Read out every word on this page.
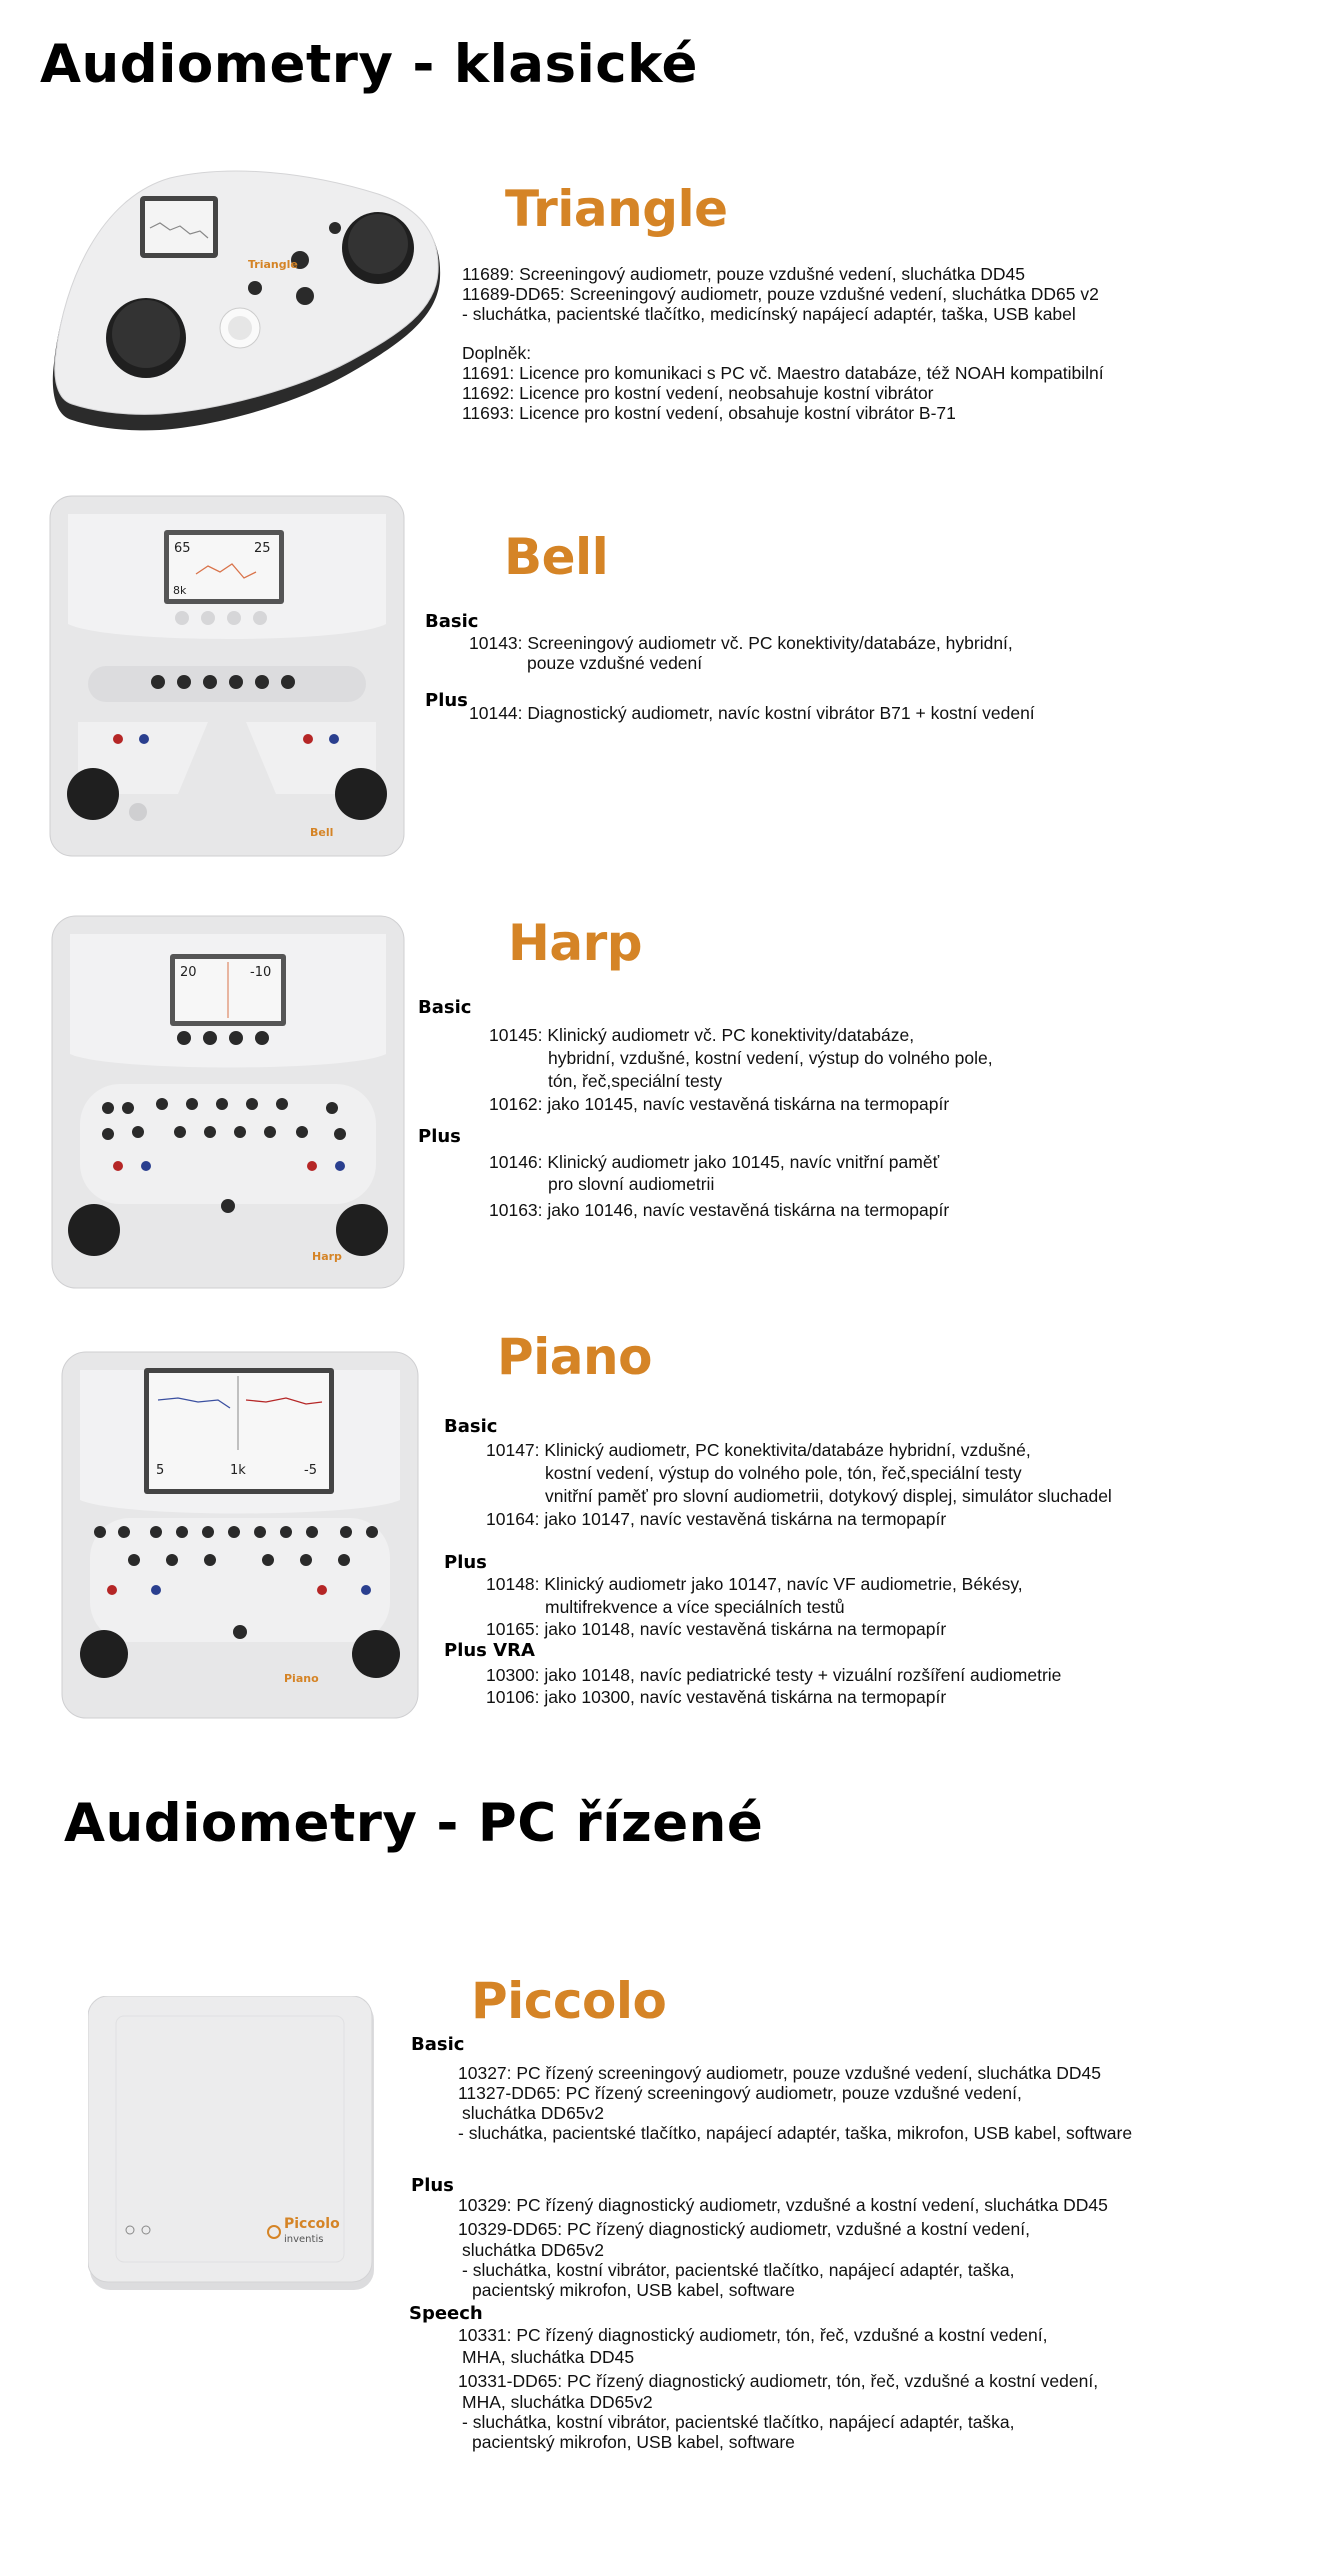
Audiometry - klasické
Triangle
Triangle
11689: Screeningový audiometr, pouze vzdušné vedení, sluchátka DD45
11689-DD65: Screeningový audiometr, pouze vzdušné vedení, sluchátka DD65 v2
- sluchátka, pacientské tlačítko, medicínský napájecí adaptér, taška, USB kabel
Doplněk:
11691: Licence pro komunikaci s PC vč. Maestro databáze, též NOAH kompatibilní
11692: Licence pro kostní vedení, neobsahuje kostní vibrátor
11693: Licence pro kostní vedení, obsahuje kostní vibrátor B-71
65	25
8k
Bell
Bell
Basic
10143: Screeningový audiometr vč. PC konektivity/databáze, hybridní,
pouze vzdušné vedení
Plus
10144: Diagnostický audiometr, navíc kostní vibrátor B71 + kostní vedení
20	-10
Harp
Harp
Basic
10145: Klinický audiometr vč. PC konektivity/databáze,
hybridní, vzdušné, kostní vedení, výstup do volného pole,
tón, řeč,speciální testy
10162: jako 10145, navíc vestavěná tiskárna na termopapír
Plus
10146: Klinický audiometr jako 10145, navíc vnitřní paměť
pro slovní audiometrii
10163: jako 10146, navíc vestavěná tiskárna na termopapír
5	1k	-5
Piano
Piano
Basic
10147: Klinický audiometr, PC konektivita/databáze hybridní, vzdušné,
kostní vedení, výstup do volného pole, tón, řeč,speciální testy
vnitřní paměť pro slovní audiometrii, dotykový displej, simulátor sluchadel
10164: jako 10147, navíc vestavěná tiskárna na termopapír
Plus
10148: Klinický audiometr jako 10147, navíc VF audiometrie, Békésy,
multifrekvence a více speciálních testů
10165: jako 10148, navíc vestavěná tiskárna na termopapír
Plus VRA
10300: jako 10148, navíc pediatrické testy + vizuální rozšíření audiometrie
10106: jako 10300, navíc vestavěná tiskárna na termopapír
Audiometry - PC řízené
Piccolo
inventis
Piccolo
Basic
10327: PC řízený screeningový audiometr, pouze vzdušné vedení, sluchátka DD45
11327-DD65: PC řízený screeningový audiometr, pouze vzdušné vedení,
sluchátka DD65v2
- sluchátka, pacientské tlačítko, napájecí adaptér, taška, mikrofon, USB kabel, software
Plus
10329: PC řízený diagnostický audiometr, vzdušné a kostní vedení, sluchátka DD45
10329-DD65: PC řízený diagnostický audiometr, vzdušné a kostní vedení,
sluchátka DD65v2
- sluchátka, kostní vibrátor, pacientské tlačítko, napájecí adaptér, taška,
pacientský mikrofon, USB kabel, software
Speech
10331: PC řízený diagnostický audiometr, tón, řeč, vzdušné a kostní vedení,
MHA, sluchátka DD45
10331-DD65: PC řízený diagnostický audiometr, tón, řeč, vzdušné a kostní vedení,
MHA, sluchátka DD65v2
- sluchátka, kostní vibrátor, pacientské tlačítko, napájecí adaptér, taška,
pacientský mikrofon, USB kabel, software
